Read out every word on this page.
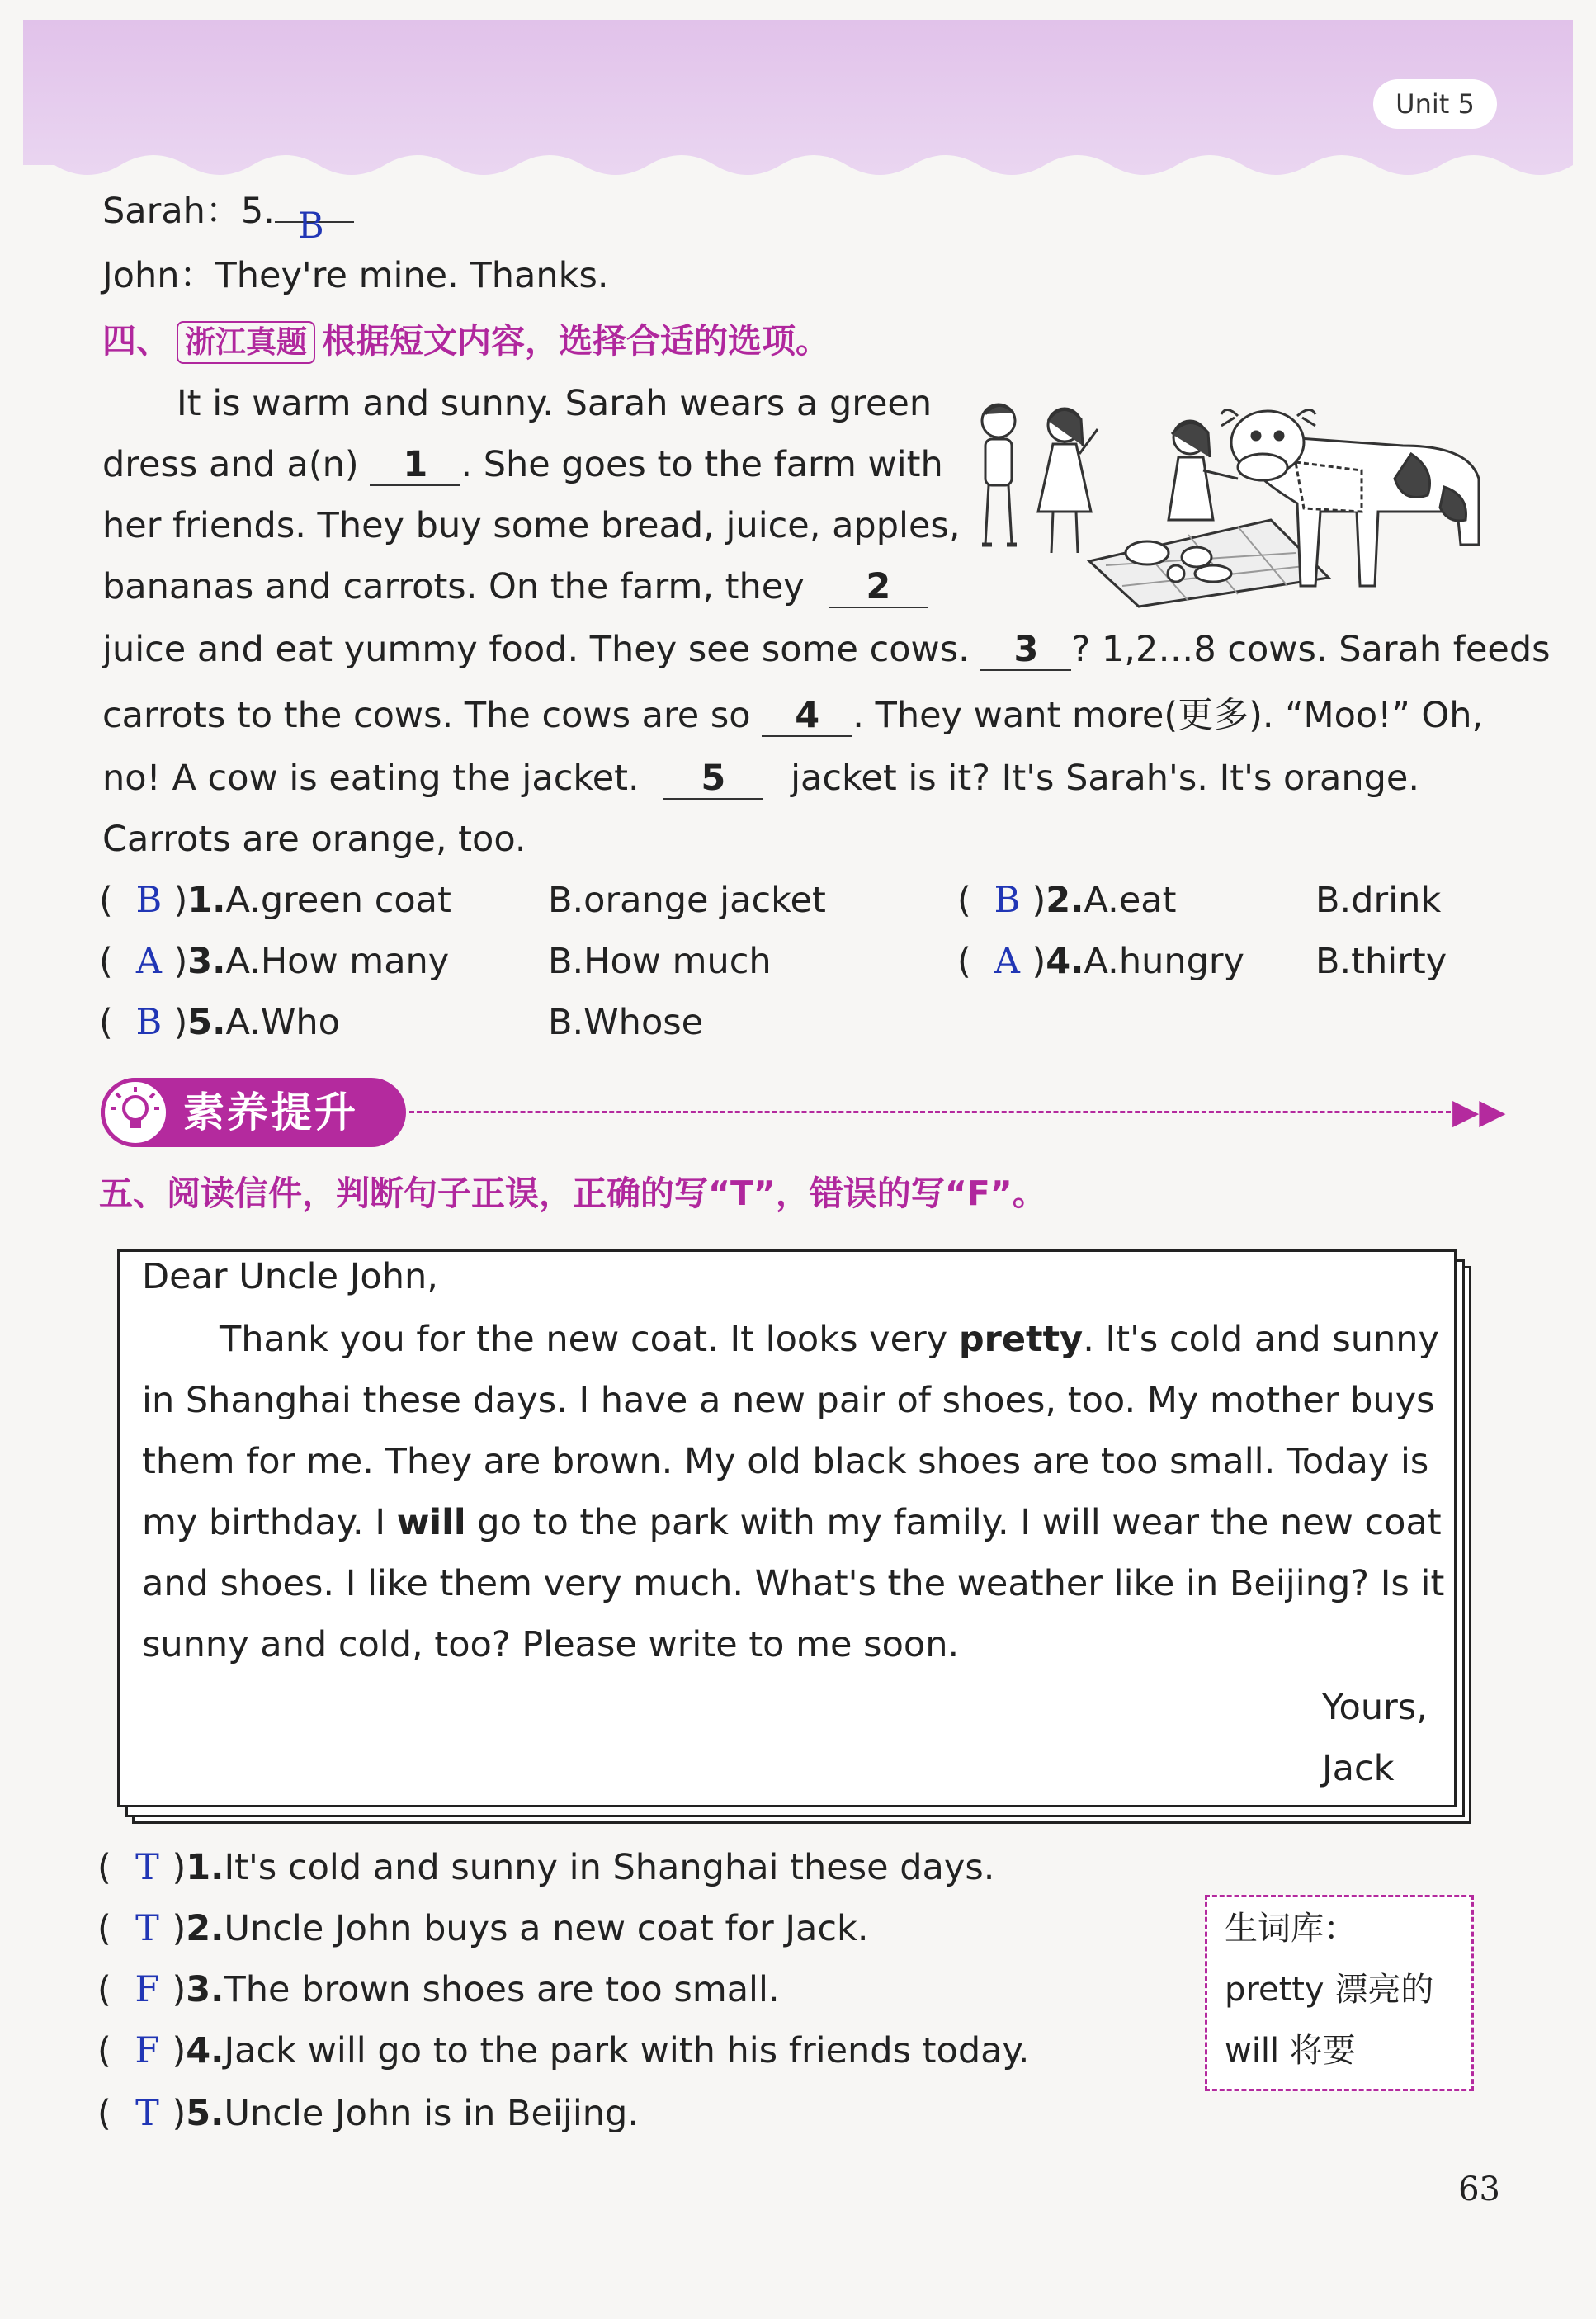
Unit 5
Sarah：5. B
John：They're mine. Thanks.
四、 浙江真题 根据短文内容，选择合适的选项。
It is warm and sunny. Sarah wears a green
dress and a(n) 1 . She goes to the farm with
her friends. They buy some bread, juice, apples,
bananas and carrots. On the farm, they 2
juice and eat yummy food. They see some cows. 3 ? 1,2…8 cows. Sarah feeds
carrots to the cows. The cows are so 4 . They want more(更多). “Moo!” Oh,
no! A cow is eating the jacket. 5 jacket is it? It's Sarah's. It's orange.
Carrots are orange, too.
( B )1.A.green coat	B.orange jacket	( B )2.A.eat	B.drink
( A )3.A.How many	B.How much	( A )4.A.hungry B.thirty
( B )5.A.Who	B.Whose
素养提升	▶▶
五、阅读信件，判断句子正误，正确的写“T”，错误的写“F”。
Dear Uncle John,
Thank you for the new coat. It looks very pretty. It's cold and sunny
in Shanghai these days. I have a new pair of shoes, too. My mother buys
them for me. They are brown. My old black shoes are too small. Today is
my birthday. I will go to the park with my family. I will wear the new coat
and shoes. I like them very much. What's the weather like in Beijing? Is it
sunny and cold, too? Please write to me soon.
Yours,
Jack
( T )1.It's cold and sunny in Shanghai these days.
( T )2.Uncle John buys a new coat for Jack.
( F )3.The brown shoes are too small.
( F )4.Jack will go to the park with his friends today.
( T )5.Uncle John is in Beijing.
生词库：
pretty 漂亮的
will 将要
63
